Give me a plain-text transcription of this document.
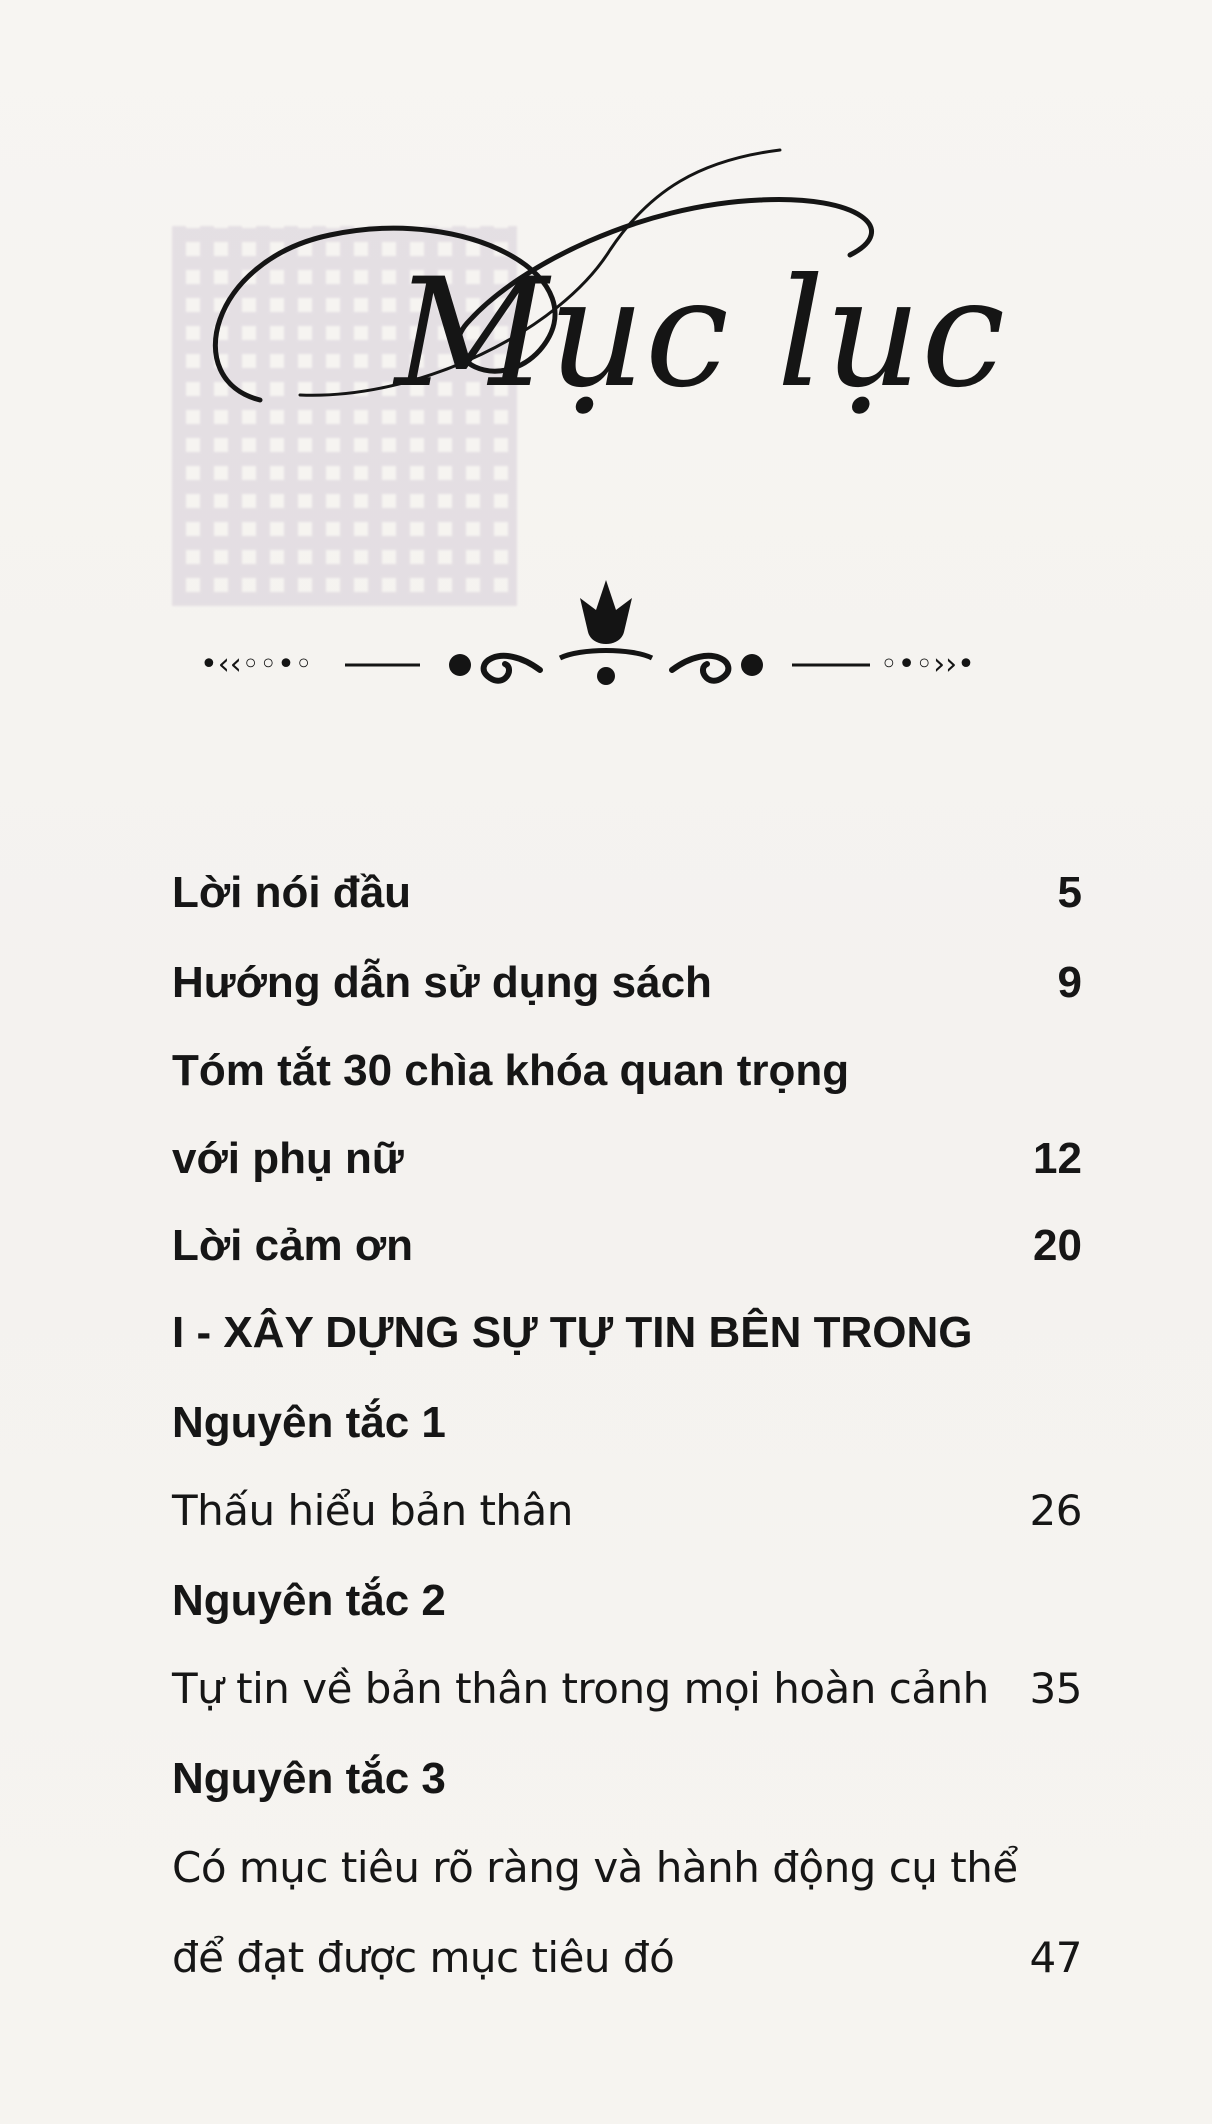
Mục lục
•‹‹◦◦•◦	◦•◦››•
Lời nói đầu	5
Hướng dẫn sử dụng sách	9
Tóm tắt 30 chìa khóa quan trọng
với phụ nữ	12
Lời cảm ơn	20
I - XÂY DỰNG SỰ TỰ TIN BÊN TRONG
Nguyên tắc 1
Thấu hiểu bản thân	26
Nguyên tắc 2
Tự tin về bản thân trong mọi hoàn cảnh 35
Nguyên tắc 3
Có mục tiêu rõ ràng và hành động cụ thể
để đạt được mục tiêu đó	47
